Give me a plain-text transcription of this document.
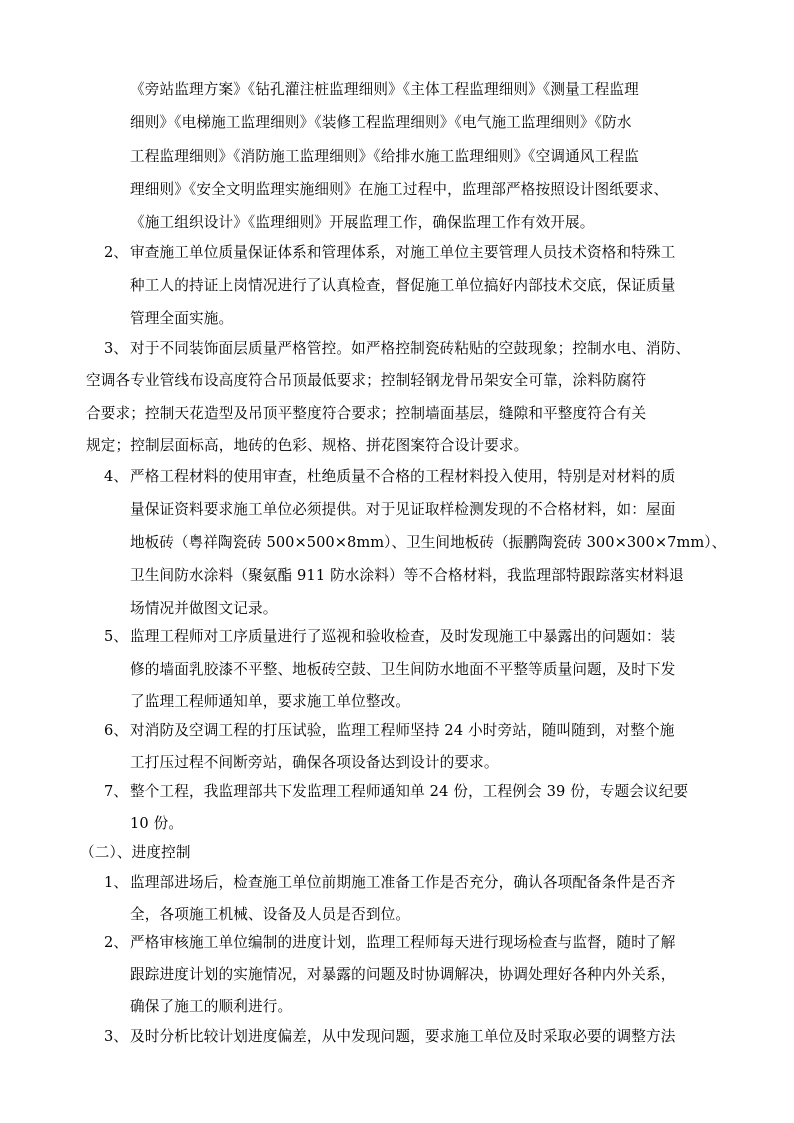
《旁站监理方案》《钻孔灌注桩监理细则》《主体工程监理细则》《测量工程监理
细则》《电梯施工监理细则》《装修工程监理细则》《电气施工监理细则》《防水
工程监理细则》《消防施工监理细则》《给排水施工监理细则》《空调通风工程监
理细则》《安全文明监理实施细则》在施工过程中，监理部严格按照设计图纸要求、
《施工组织设计》《监理细则》开展监理工作，确保监理工作有效开展。
2、 审查施工单位质量保证体系和管理体系，对施工单位主要管理人员技术资格和特殊工
种工人的持证上岗情况进行了认真检查，督促施工单位搞好内部技术交底，保证质量
管理全面实施。
3、 对于不同装饰面层质量严格管控。如严格控制瓷砖粘贴的空鼓现象；控制水电、消防、
空调各专业管线布设高度符合吊顶最低要求；控制轻钢龙骨吊架安全可靠，涂料防腐符
合要求；控制天花造型及吊顶平整度符合要求；控制墙面基层，缝隙和平整度符合有关
规定；控制层面标高，地砖的色彩、规格、拼花图案符合设计要求。
4、 严格工程材料的使用审查，杜绝质量不合格的工程材料投入使用，特别是对材料的质
量保证资料要求施工单位必须提供。对于见证取样检测发现的不合格材料，如：屋面
地板砖（粤祥陶瓷砖 500×500×8mm）、卫生间地板砖（振鹏陶瓷砖 300×300×7mm）、
卫生间防水涂料（聚氨酯 911 防水涂料）等不合格材料，我监理部特跟踪落实材料退
场情况并做图文记录。
5、 监理工程师对工序质量进行了巡视和验收检查，及时发现施工中暴露出的问题如：装
修的墙面乳胶漆不平整、地板砖空鼓、卫生间防水地面不平整等质量问题，及时下发
了监理工程师通知单，要求施工单位整改。
6、 对消防及空调工程的打压试验，监理工程师坚持 24 小时旁站，随叫随到，对整个施
工打压过程不间断旁站，确保各项设备达到设计的要求。
7、 整个工程，我监理部共下发监理工程师通知单 24 份，工程例会 39 份，专题会议纪要
10 份。
（二）、进度控制
1、 监理部进场后，检查施工单位前期施工准备工作是否充分，确认各项配备条件是否齐
全，各项施工机械、设备及人员是否到位。
2、 严格审核施工单位编制的进度计划，监理工程师每天进行现场检查与监督，随时了解
跟踪进度计划的实施情况，对暴露的问题及时协调解决，协调处理好各种内外关系，
确保了施工的顺利进行。
3、 及时分析比较计划进度偏差，从中发现问题，要求施工单位及时采取必要的调整方法
